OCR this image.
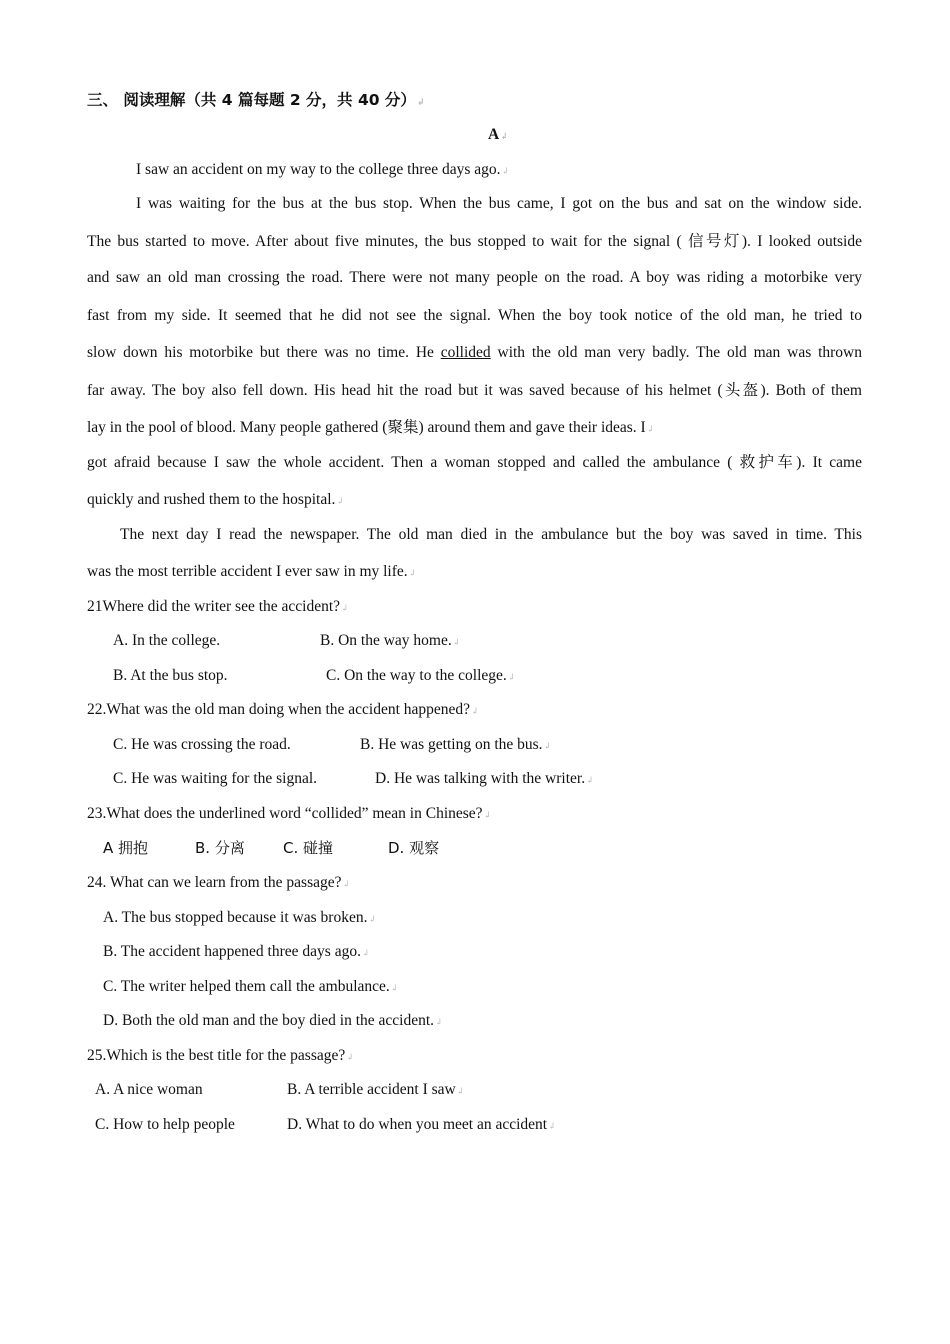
三、 阅读理解（共 4 篇每题 2 分，共 40 分）↲
A↲
I saw an accident on my way to the college three days ago.↲
I was waiting for the bus at the bus stop. When the bus came, I got on the bus and sat on the window side.
The bus started to move. After about five minutes, the bus stopped to wait for the signal ( 信号灯). I looked outside
and saw an old man crossing the road. There were not many people on the road. A boy was riding a motorbike very
fast from my side. It seemed that he did not see the signal. When the boy took notice of the old man, he tried to
slow down his motorbike but there was no time. He collided with the old man very badly. The old man was thrown
far away. The boy also fell down. His head hit the road but it was saved because of his helmet (头盔). Both of them
lay in the pool of blood. Many people gathered (聚集) around them and gave their ideas. I↲
got afraid because I saw the whole accident. Then a woman stopped and called the ambulance ( 救护车). It came
quickly and rushed them to the hospital.↲
The next day I read the newspaper. The old man died in the ambulance but the boy was saved in time. This
was the most terrible accident I ever saw in my life.↲
21Where did the writer see the accident?↲
A. In the college.	B. On the way home.↲
B. At the bus stop.	C. On the way to the college.↲
22.What was the old man doing when the accident happened?↲
C. He was crossing the road.	B. He was getting on the bus.↲
C. He was waiting for the signal.	D. He was talking with the writer.↲
23.What does the underlined word “collided” mean in Chinese?↲
A 拥抱	B. 分离	C. 碰撞	D. 观察
24. What can we learn from the passage?↲
A. The bus stopped because it was broken.↲
B. The accident happened three days ago.↲
C. The writer helped them call the ambulance.↲
D. Both the old man and the boy died in the accident.↲
25.Which is the best title for the passage?↲
A. A nice woman	B. A terrible accident I saw↲
C. How to help people	D. What to do when you meet an accident↲
